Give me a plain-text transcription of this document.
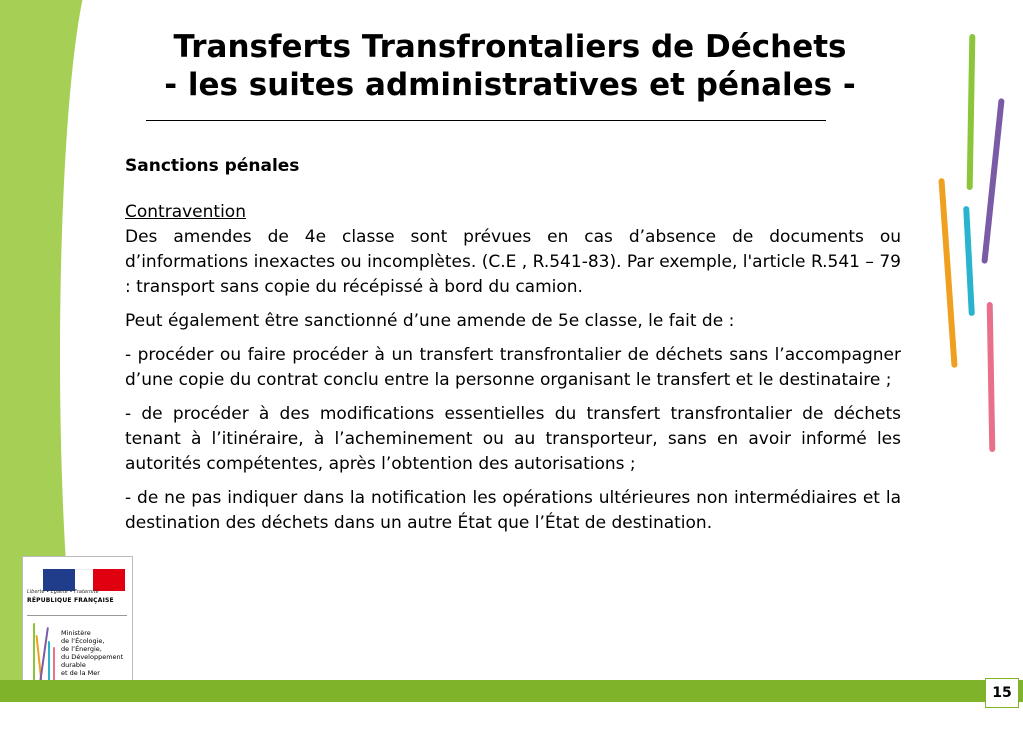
Transferts Transfrontaliers de Déchets
- les suites administratives et pénales -

Sanctions pénales

Contravention

Des amendes de 4e classe sont prévues en cas d’absence de documents ou d’informations inexactes ou incomplètes. (C.E , R.541-83). Par exemple, l'article R.541 – 79 : transport sans copie du récépissé à bord du camion.

Peut également être sanctionné d’une amende de 5e classe, le fait de :

- procéder ou faire procéder à un transfert transfrontalier de déchets sans l’accompagner d’une copie du contrat conclu entre la personne organisant le transfert et le destinataire ;

- de procéder à des modifications essentielles du transfert transfrontalier de déchets tenant à l’itinéraire, à l’acheminement ou au transporteur, sans en avoir informé les autorités compétentes, après l’obtention des autorisations ;

- de ne pas indiquer dans la notification les opérations ultérieures non intermédiaires et la destination des déchets dans un autre État que l’État de destination.

Liberté • Égalité • Fraternité
RÉPUBLIQUE FRANÇAISE
Ministère
de l’Écologie,
de l’Énergie,
du Développement
durable
et de la Mer
15
